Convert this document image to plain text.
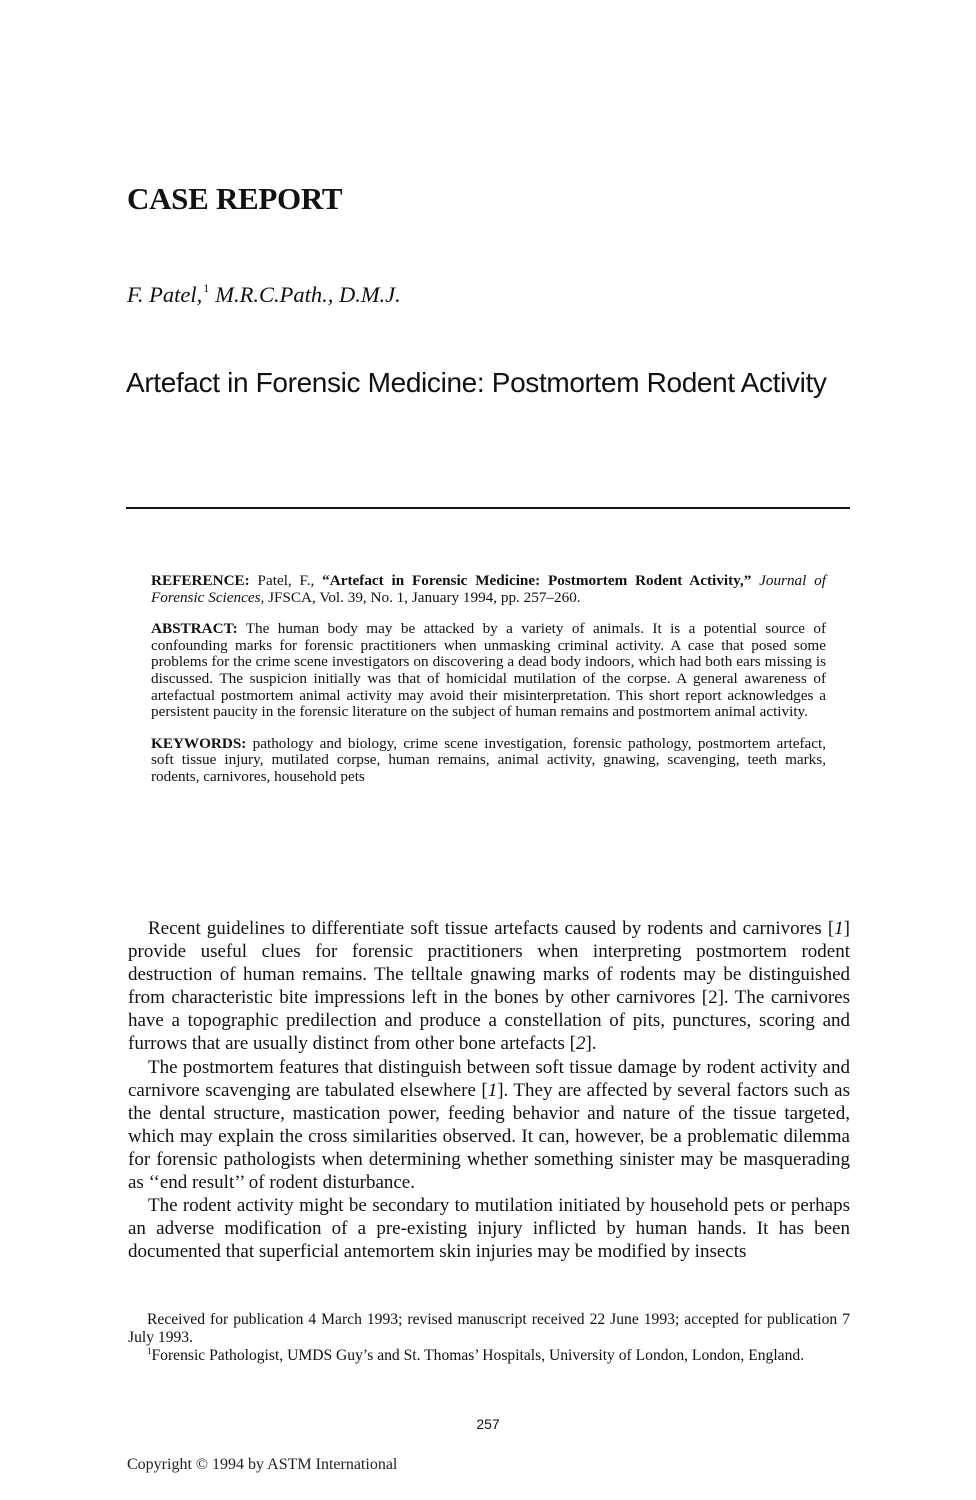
CASE REPORT
F. Patel,$^1$ M.R.C.Path., D.M.J.
Artefact in Forensic Medicine: Postmortem Rodent Activity

REFERENCE: Patel, F., “Artefact in Forensic Medicine: Postmortem Rodent Activity,” Journal of Forensic Sciences, JFSCA, Vol. 39, No. 1, January 1994, pp. 257–260.

ABSTRACT: The human body may be attacked by a variety of animals. It is a potential source of confounding marks for forensic practitioners when unmasking criminal activity. A case that posed some problems for the crime scene investigators on discovering a dead body indoors, which had both ears missing is discussed. The suspicion initially was that of homicidal mutilation of the corpse. A general awareness of artefactual postmortem animal activity may avoid their misinterpretation. This short report acknowledges a persistent paucity in the forensic literature on the subject of human remains and postmortem animal activity.

KEYWORDS: pathology and biology, crime scene investigation, forensic pathology, postmortem artefact, soft tissue injury, mutilated corpse, human remains, animal activity, gnawing, scavenging, teeth marks, rodents, carnivores, household pets

Recent guidelines to differentiate soft tissue artefacts caused by rodents and carnivores [1] provide useful clues for forensic practitioners when interpreting postmortem rodent destruction of human remains. The telltale gnawing marks of rodents may be distinguished from characteristic bite impressions left in the bones by other carnivores [2]. The carnivores have a topographic predilection and produce a constellation of pits, punctures, scoring and furrows that are usually distinct from other bone artefacts [2].

The postmortem features that distinguish between soft tissue damage by rodent activity and carnivore scavenging are tabulated elsewhere [1]. They are affected by several factors such as the dental structure, mastication power, feeding behavior and nature of the tissue targeted, which may explain the cross similarities observed. It can, however, be a problematic dilemma for forensic pathologists when determining whether something sinister may be masquerading as ‘‘end result’’ of rodent disturbance.

The rodent activity might be secondary to mutilation initiated by household pets or perhaps an adverse modification of a pre-existing injury inflicted by human hands. It has been documented that superficial antemortem skin injuries may be modified by insects

Received for publication 4 March 1993; revised manuscript received 22 June 1993; accepted for publication 7 July 1993.

$^1$Forensic Pathologist, UMDS Guy’s and St. Thomas’ Hospitals, University of London, London, England.

257
Copyright © 1994 by ASTM International
